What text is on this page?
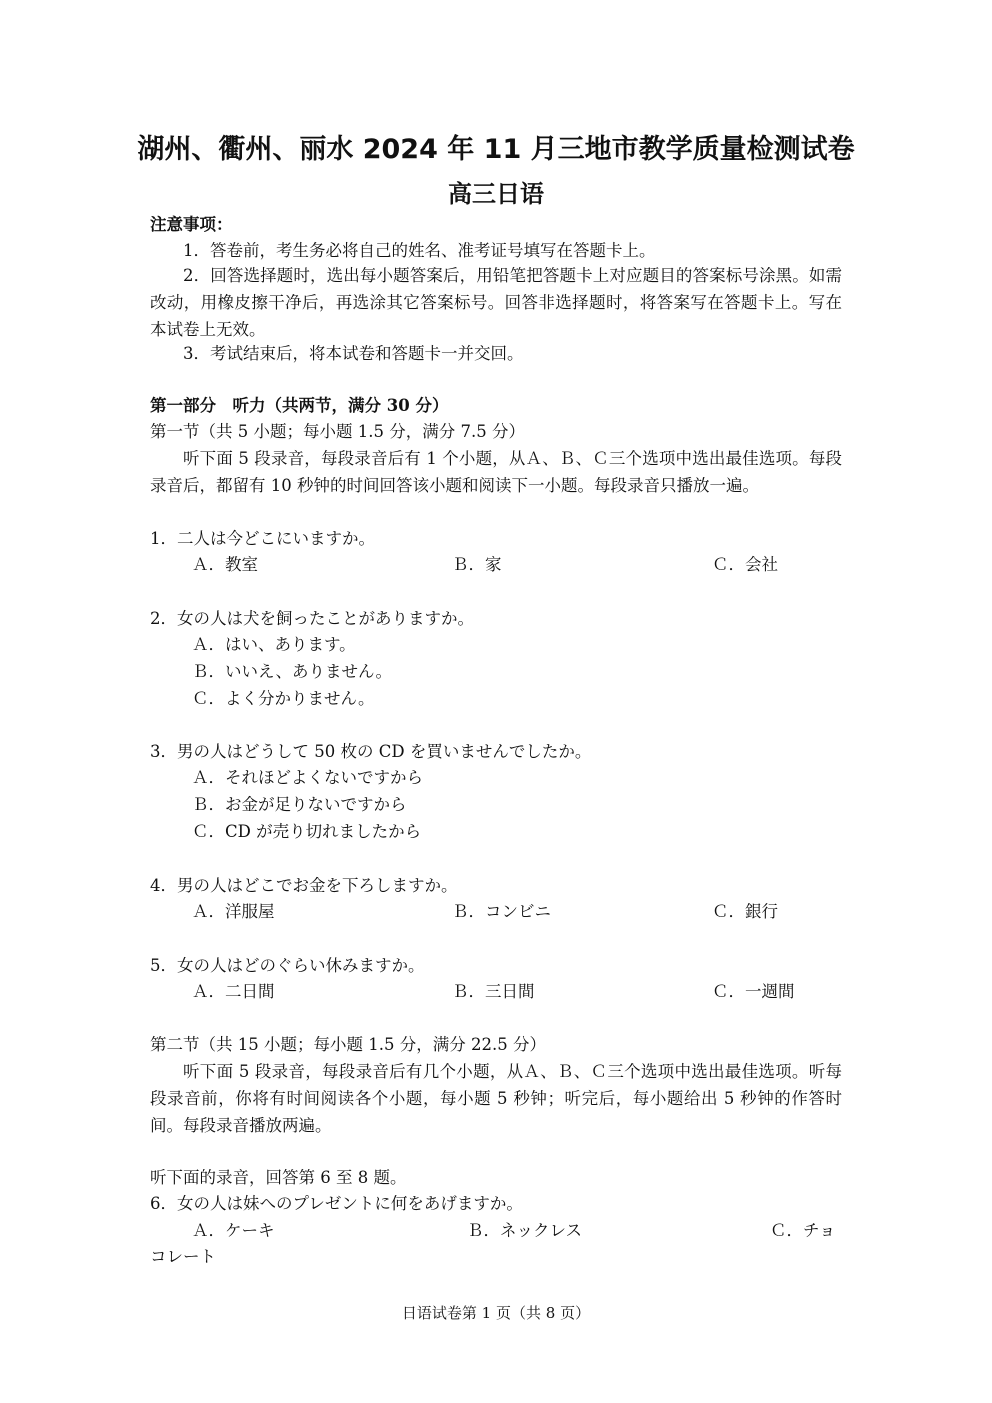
湖州、衢州、丽水 2024 年 11 月三地市教学质量检测试卷
高三日语
注意事项：
1．答卷前，考生务必将自己的姓名、准考证号填写在答题卡上。
2．回答选择题时，选出每小题答案后，用铅笔把答题卡上对应题目的答案标号涂黑。如需改动，用橡皮擦干净后，再选涂其它答案标号。回答非选择题时，将答案写在答题卡上。写在本试卷上无效。
3．考试结束后，将本试卷和答题卡一并交回。
第一部分　听力（共两节，满分 30 分）
第一节（共 5 小题；每小题 1.5 分，满分 7.5 分）
听下面 5 段录音，每段录音后有 1 个小题，从Ａ、Ｂ、Ｃ三个选项中选出最佳选项。每段录音后，都留有 10 秒钟的时间回答该小题和阅读下一小题。每段录音只播放一遍。
1．二人は今どこにいますか。
Ａ．教室	Ｂ．家	Ｃ．会社
2．女の人は犬を飼ったことがありますか。
Ａ．はい、あります。
Ｂ．いいえ、ありません。
Ｃ．よく分かりません。
3．男の人はどうして 50 枚の CD を買いませんでしたか。
Ａ．それほどよくないですから
Ｂ．お金が足りないですから
Ｃ．CD が売り切れましたから
4．男の人はどこでお金を下ろしますか。
Ａ．洋服屋	Ｂ．コンビニ	Ｃ．銀行
5．女の人はどのぐらい休みますか。
Ａ．二日間	Ｂ．三日間	Ｃ．一週間
第二节（共 15 小题；每小题 1.5 分，满分 22.5 分）
听下面 5 段录音，每段录音后有几个小题，从Ａ、Ｂ、Ｃ三个选项中选出最佳选项。听每段录音前，你将有时间阅读各个小题，每小题 5 秒钟；听完后，每小题给出 5 秒钟的作答时间。每段录音播放两遍。
听下面的录音，回答第 6 至 8 题。
6．女の人は妹へのプレゼントに何をあげますか。
Ａ．ケーキ	Ｂ．ネックレス	Ｃ．チョ
コレート
日语试卷第 1 页（共 8 页）
